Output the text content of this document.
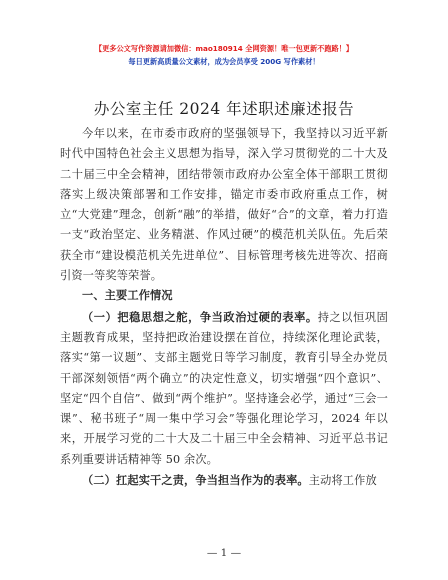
【更多公文写作资源请加微信：mao180914 全网资源！唯一包更新不跑路！】
每日更新高质量公文素材，成为会员享受 200G 写作素材！
办公室主任 2024 年述职述廉述报告

今年以来，在市委市政府的坚强领导下，我坚持以习近平新时代中国特色社会主义思想为指导，深入学习贯彻党的二十大及二十届三中全会精神，团结带领市政府办公室全体干部职工贯彻落实上级决策部署和工作安排，锚定市委市政府重点工作，树立“大党建”理念，创新“融”的举措，做好“合”的文章，着力打造一支“政治坚定、业务精湛、作风过硬”的模范机关队伍。先后荣获全市“建设模范机关先进单位”、目标管理考核先进等次、招商引资一等奖等荣誉。

一、主要工作情况

（一）把稳思想之舵，争当政治过硬的表率。持之以恒巩固主题教育成果，坚持把政治建设摆在首位，持续深化理论武装，落实“第一议题”、支部主题党日等学习制度，教育引导全办党员干部深刻领悟“两个确立”的决定性意义，切实增强“四个意识”、坚定“四个自信”、做到“两个维护”。坚持逢会必学，通过“三会一课”、秘书班子“周一集中学习会”等强化理论学习，2024 年以来，开展学习党的二十大及二十届三中全会精神、习近平总书记系列重要讲话精神等 50 余次。

（二）扛起实干之责，争当担当作为的表率。主动将工作放

— 1 —
